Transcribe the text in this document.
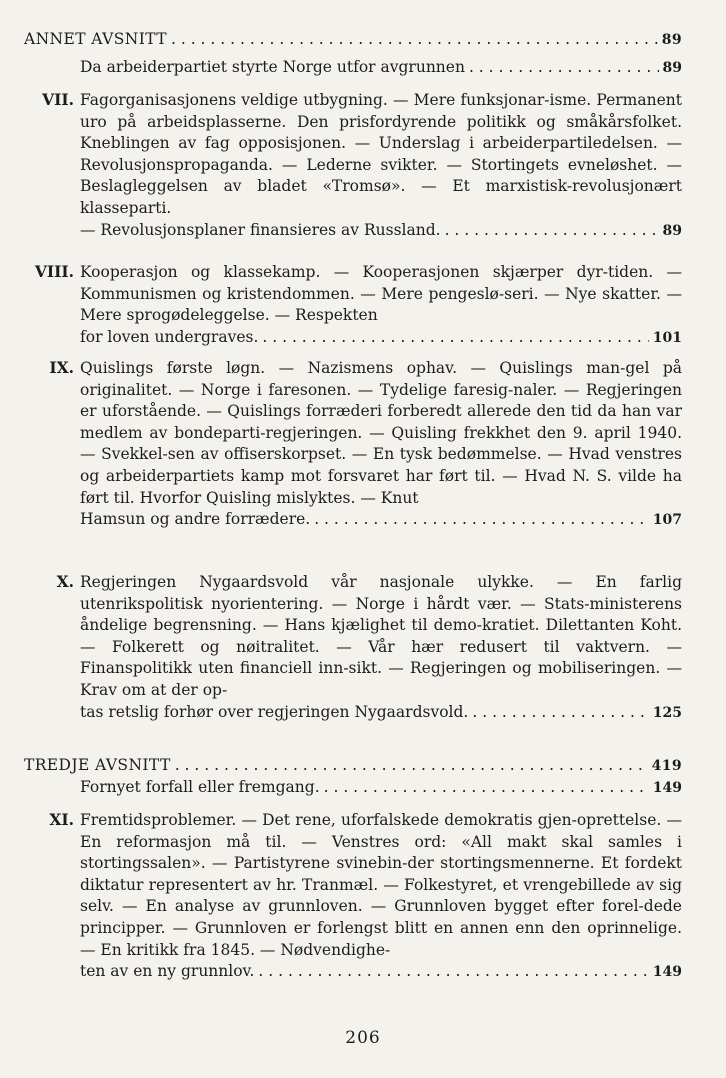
ANNET AVSNITT . . .	89
Da arbeiderpartiet styrte Norge utfor avgrunnen . . .	89
VII. Fagorganisasjonens veldige utbygning. — Mere funksjonar-isme. Permanent uro på arbeidsplasserne. Den prisfordyrende politikk og småkårsfolket. Kneblingen av fag opposisjonen. — Underslag i arbeiderpartiledelsen. — Revolusjonspropaganda. — Lederne svikter. — Stortingets evneløshet. — Beslagleggelsen av bladet «Tromsø». — Et marxistisk-revolusjonært klasseparti.
— Revolusjonsplaner finansieres av Russland. . . .	89
VIII. Kooperasjon og klassekamp. — Kooperasjonen skjærper dyr-tiden. — Kommunismen og kristendommen. — Mere pengeslø-seri. — Nye skatter. — Mere sprogødeleggelse. — Respekten
for loven undergraves. . . .	101
IX. Quislings første løgn. — Nazismens ophav. — Quislings man-gel på originalitet. — Norge i faresonen. — Tydelige faresig-naler. — Regjeringen er uforstående. — Quislings forræderi forberedt allerede den tid da han var medlem av bondeparti-regjeringen. — Quisling frekkhet den 9. april 1940. — Svekkel-sen av offiserskorpset. — En tysk bedømmelse. — Hvad venstres og arbeiderpartiets kamp mot forsvaret har ført til. — Hvad N. S. vilde ha ført til. Hvorfor Quisling mislyktes. — Knut
Hamsun og andre forrædere. . . .	107
X. Regjeringen Nygaardsvold vår nasjonale ulykke. — En farlig utenrikspolitisk nyorientering. — Norge i hårdt vær. — Stats-ministerens åndelige begrensning. — Hans kjælighet til demo-kratiet. Dilettanten Koht. — Folkerett og nøitralitet. — Vår hær redusert til vaktvern. — Finanspolitikk uten financiell inn-sikt. — Regjeringen og mobiliseringen. — Krav om at der op-
tas retslig forhør over regjeringen Nygaardsvold. . . .	125
TREDJE AVSNITT . . .	419
Fornyet forfall eller fremgang. . . .	149
XI. Fremtidsproblemer. — Det rene, uforfalskede demokratis gjen-oprettelse. — En reformasjon må til. — Venstres ord: «All makt skal samles i stortingssalen». — Partistyrene svinebin-der stortingsmennerne. Et fordekt diktatur representert av hr. Tranmæl. — Folkestyret, et vrengebillede av sig selv. — En analyse av grunnloven. — Grunnloven bygget efter forel-dede principper. — Grunnloven er forlengst blitt en annen enn den oprinnelige. — En kritikk fra 1845. — Nødvendighe-
ten av en ny grunnlov. . . .	149
206
